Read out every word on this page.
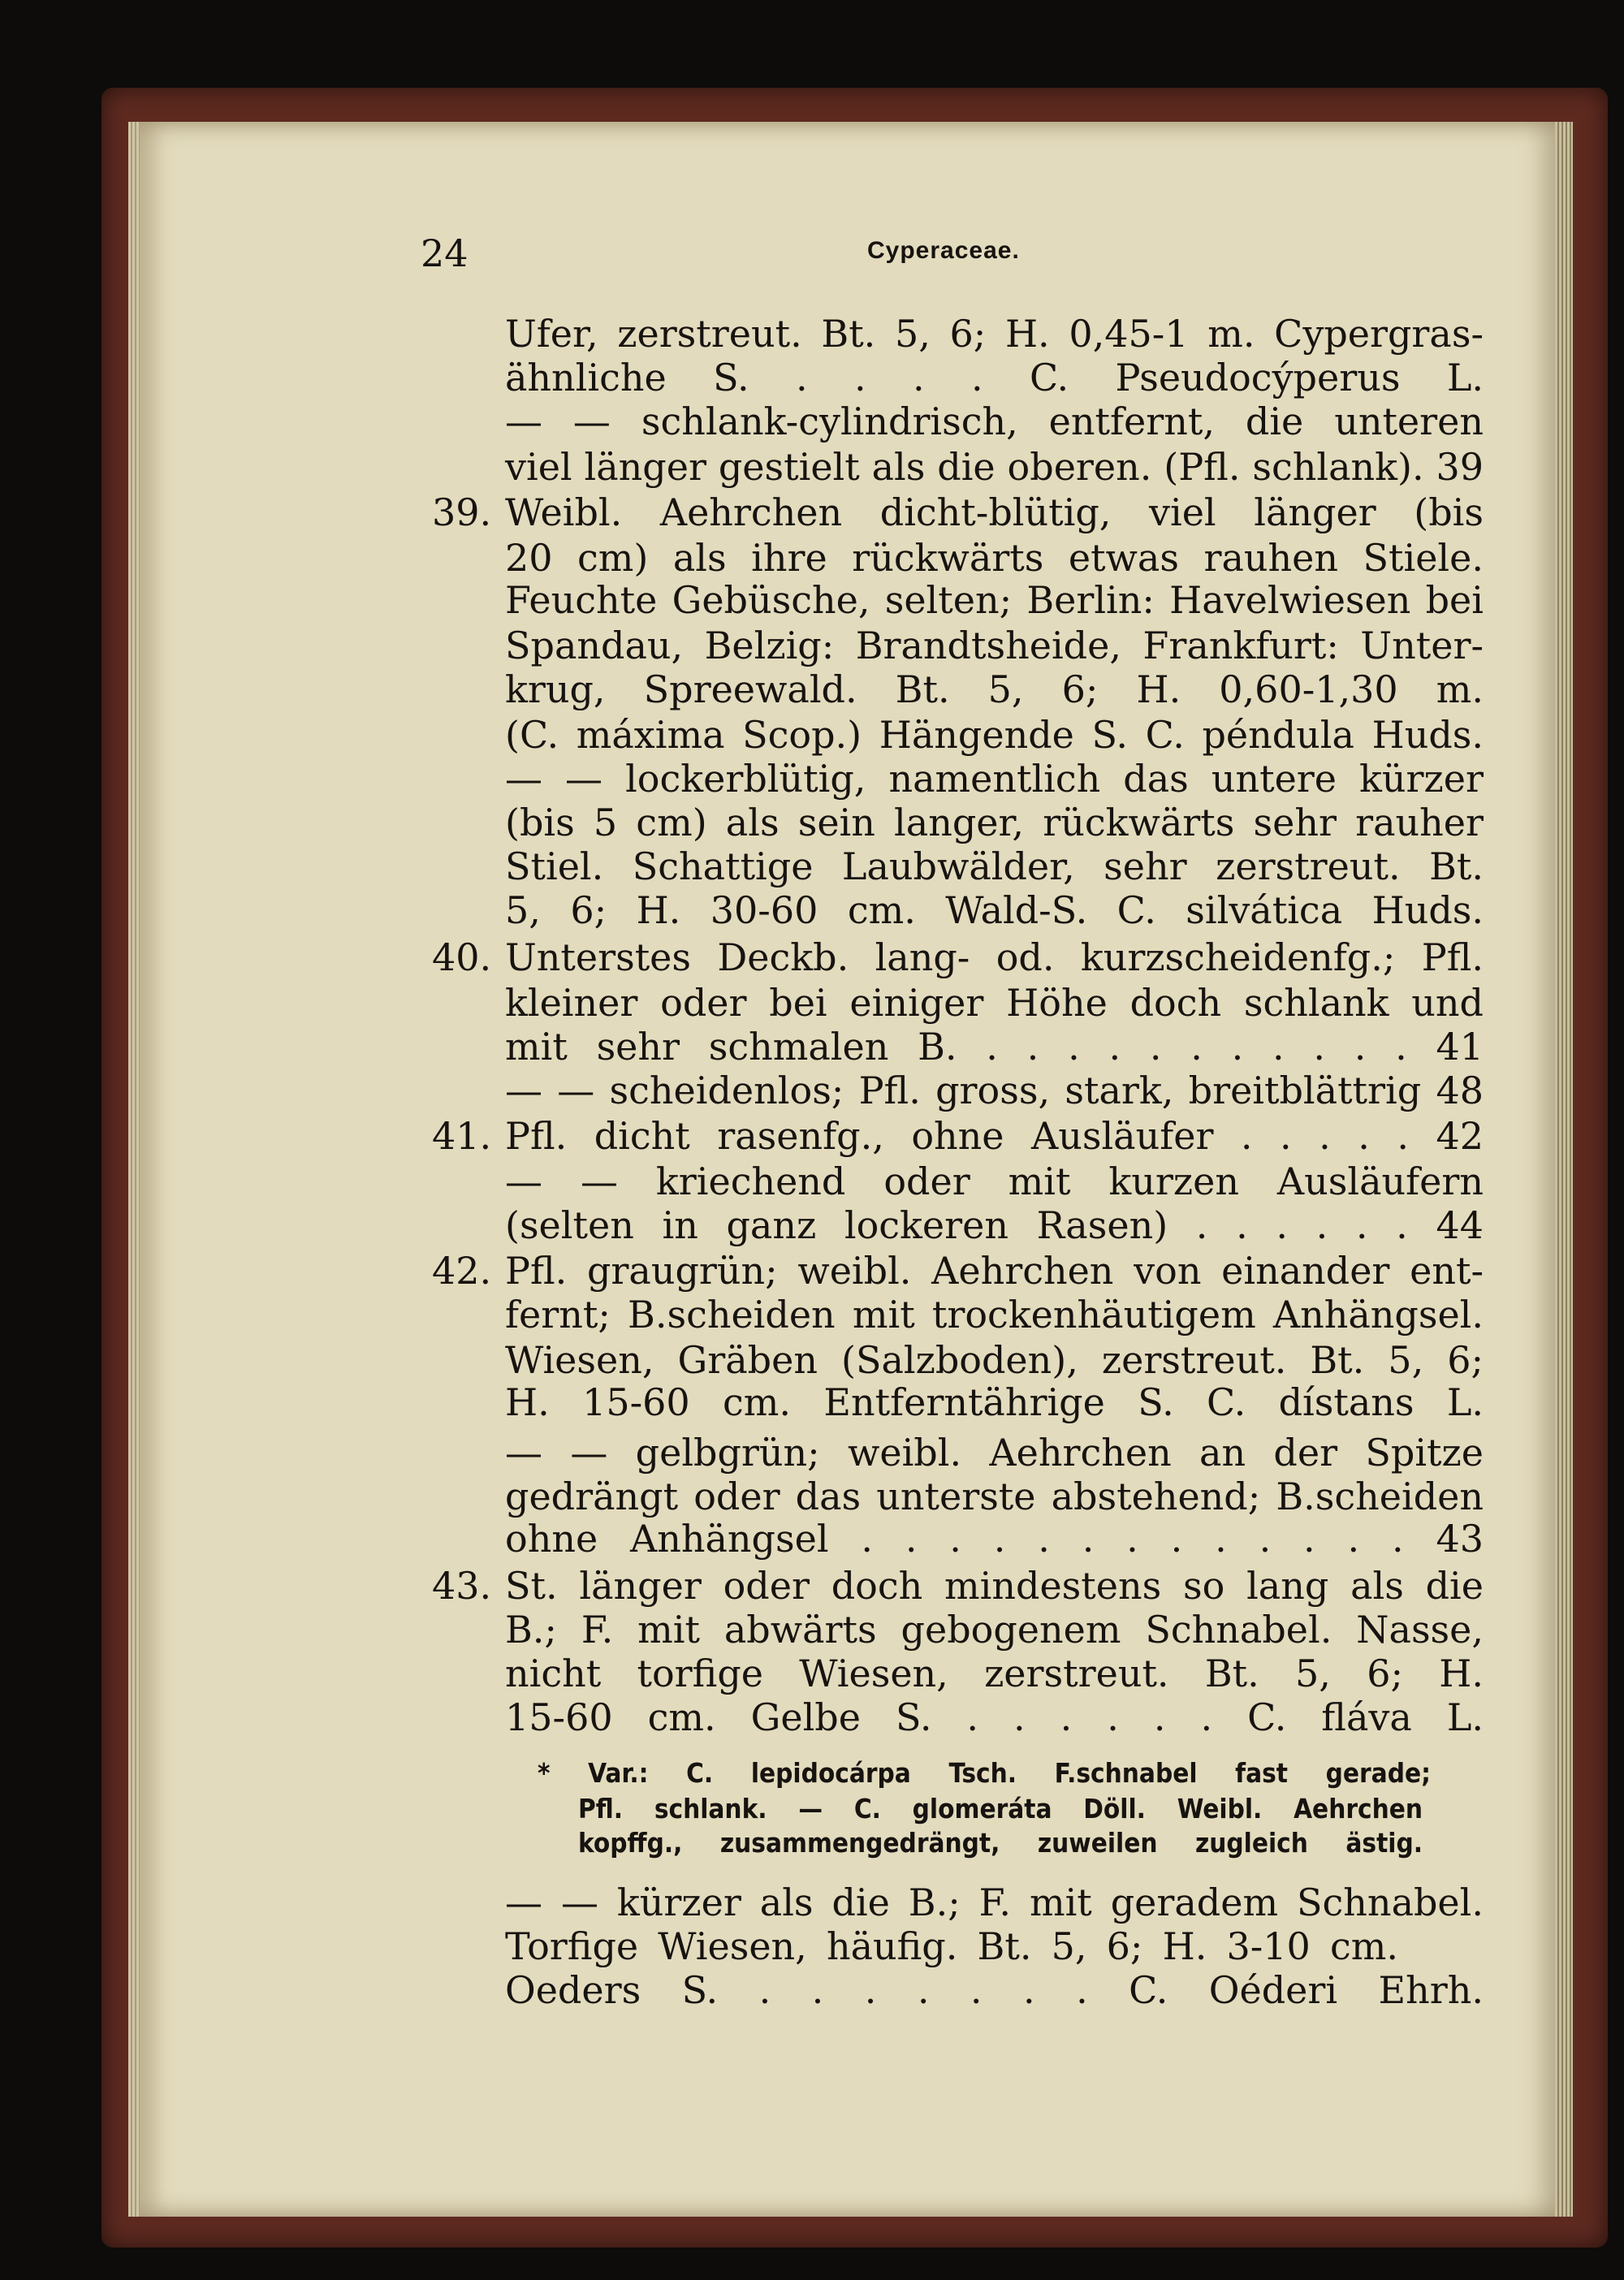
24	Cyperaceae.
Ufer, zerstreut. Bt. 5, 6; H. 0,45-1 m. Cypergras-
ähnliche S. . . . . C. Pseudocýperus L.
— — schlank-cylindrisch, entfernt, die unteren
viel länger gestielt als die oberen. (Pfl. schlank). 39
Weibl. Aehrchen dicht-blütig, viel länger (bis
39.
20 cm) als ihre rückwärts etwas rauhen Stiele.
Feuchte Gebüsche, selten; Berlin: Havelwiesen bei
Spandau, Belzig: Brandtsheide, Frankfurt: Unter-
krug, Spreewald. Bt. 5, 6; H. 0,60-1,30 m.
(C. máxima Scop.) Hängende S. C. péndula Huds.
— — lockerblütig, namentlich das untere kürzer
(bis 5 cm) als sein langer, rückwärts sehr rauher
Stiel. Schattige Laubwälder, sehr zerstreut. Bt.
5, 6; H. 30-60 cm. Wald-S. C. silvática Huds.
Unterstes Deckb. lang- od. kurzscheidenfg.; Pfl.
40.
kleiner oder bei einiger Höhe doch schlank und
mit sehr schmalen B. . . . . . . . . . . . 41
— — scheidenlos; Pfl. gross, stark, breitblättrig 48
Pfl. dicht rasenfg., ohne Ausläufer . . . . . 42
41.
— — kriechend oder mit kurzen Ausläufern
(selten in ganz lockeren Rasen) . . . . . . 44
Pfl. graugrün; weibl. Aehrchen von einander ent-
42.
fernt; B.scheiden mit trockenhäutigem Anhängsel.
Wiesen, Gräben (Salzboden), zerstreut. Bt. 5, 6;
H. 15-60 cm. Entferntährige S. C. dístans L.
— — gelbgrün; weibl. Aehrchen an der Spitze
gedrängt oder das unterste abstehend; B.scheiden
ohne Anhängsel . . . . . . . . . . . . . 43
St. länger oder doch mindestens so lang als die
43.
B.; F. mit abwärts gebogenem Schnabel. Nasse,
nicht torfige Wiesen, zerstreut. Bt. 5, 6; H.
15-60 cm. Gelbe S. . . . . . . C. fláva L.
* Var.: C. lepidocárpa Tsch. F.schnabel fast gerade;
Pfl. schlank. — C. glomeráta Döll. Weibl. Aehrchen
kopffg., zusammengedrängt, zuweilen zugleich ästig.
— — kürzer als die B.; F. mit geradem Schnabel.
Torfige Wiesen, häufig. Bt. 5, 6; H. 3-10 cm.
Oeders S. . . . . . . . C. Oéderi Ehrh.
